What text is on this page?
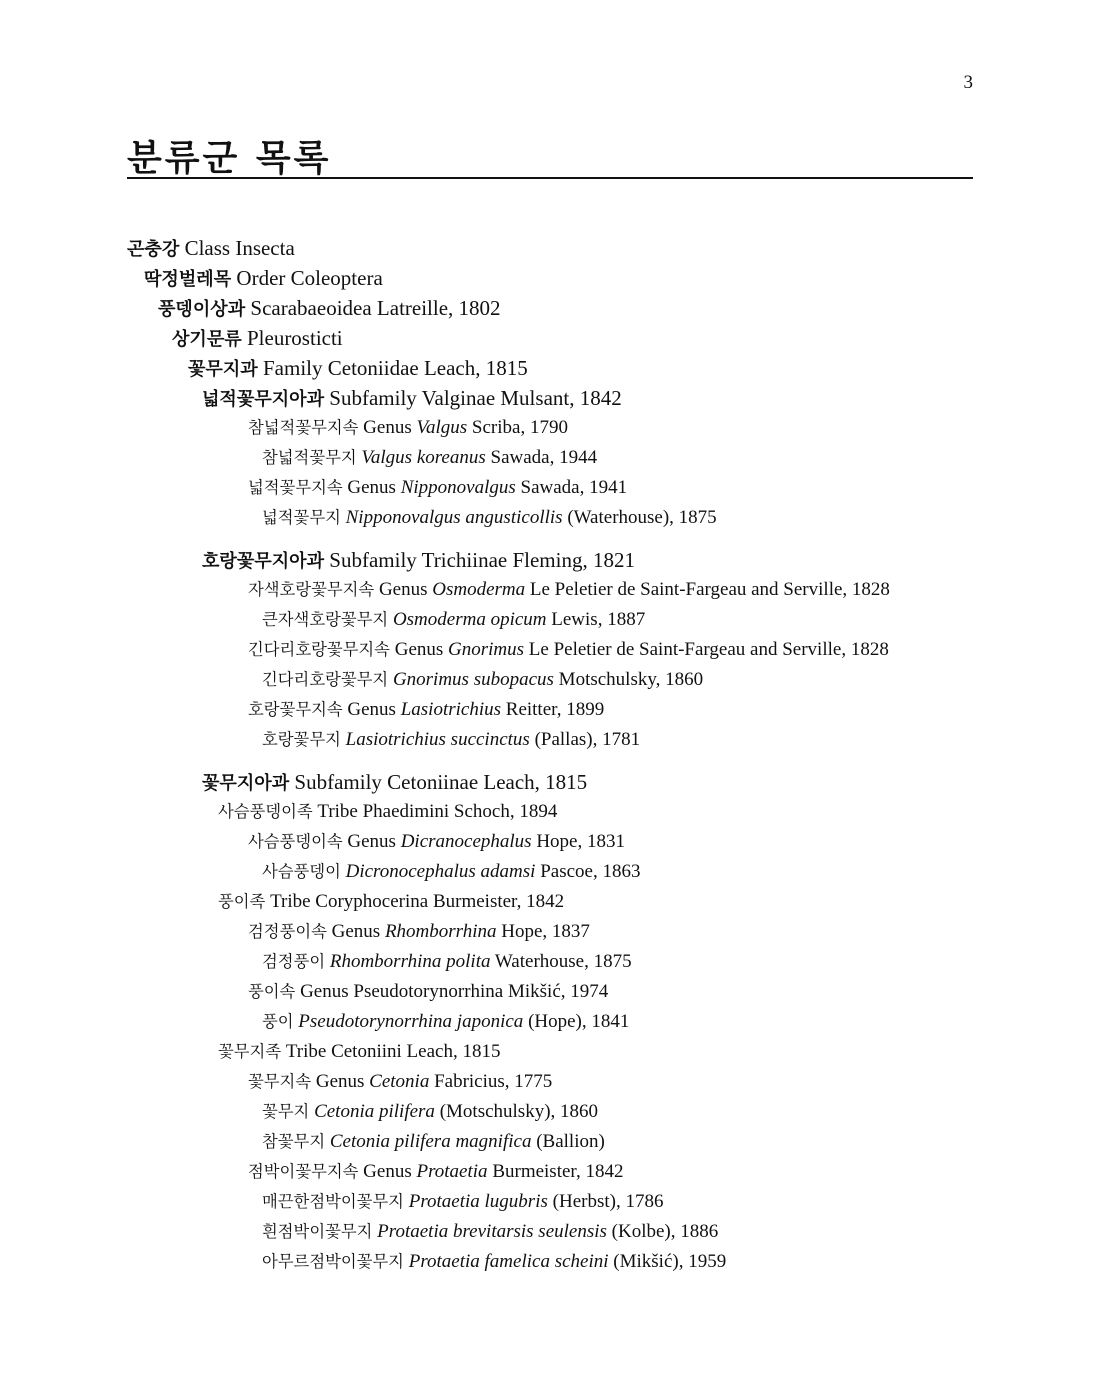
3
분류군 목록
곤충강 Class Insecta
딱정벌레목 Order Coleoptera
풍뎅이상과 Scarabaeoidea Latreille, 1802
상기문류 Pleurosticti
꽃무지과 Family Cetoniidae Leach, 1815
넓적꽃무지아과 Subfamily Valginae Mulsant, 1842
참넓적꽃무지속 Genus Valgus Scriba, 1790
참넓적꽃무지 Valgus koreanus Sawada, 1944
넓적꽃무지속 Genus Nipponovalgus Sawada, 1941
넓적꽃무지 Nipponovalgus angusticollis (Waterhouse), 1875
호랑꽃무지아과 Subfamily Trichiinae Fleming, 1821
자색호랑꽃무지속 Genus Osmoderma Le Peletier de Saint-Fargeau and Serville, 1828
큰자색호랑꽃무지 Osmoderma opicum Lewis, 1887
긴다리호랑꽃무지속 Genus Gnorimus Le Peletier de Saint-Fargeau and Serville, 1828
긴다리호랑꽃무지 Gnorimus subopacus Motschulsky, 1860
호랑꽃무지속 Genus Lasiotrichius Reitter, 1899
호랑꽃무지 Lasiotrichius succinctus (Pallas), 1781
꽃무지아과 Subfamily Cetoniinae Leach, 1815
사슴풍뎅이족 Tribe Phaedimini Schoch, 1894
사슴풍뎅이속 Genus Dicranocephalus Hope, 1831
사슴풍뎅이 Dicronocephalus adamsi Pascoe, 1863
풍이족 Tribe Coryphocerina Burmeister, 1842
검정풍이속 Genus Rhomborrhina Hope, 1837
검정풍이 Rhomborrhina polita Waterhouse, 1875
풍이속 Genus Pseudotorynorrhina Mikšić, 1974
풍이 Pseudotorynorrhina japonica (Hope), 1841
꽃무지족 Tribe Cetoniini Leach, 1815
꽃무지속 Genus Cetonia Fabricius, 1775
꽃무지 Cetonia pilifera (Motschulsky), 1860
참꽃무지 Cetonia pilifera magnifica (Ballion)
점박이꽃무지속 Genus Protaetia Burmeister, 1842
매끈한점박이꽃무지 Protaetia lugubris (Herbst), 1786
흰점박이꽃무지 Protaetia brevitarsis seulensis (Kolbe), 1886
아무르점박이꽃무지 Protaetia famelica scheini (Mikšić), 1959
